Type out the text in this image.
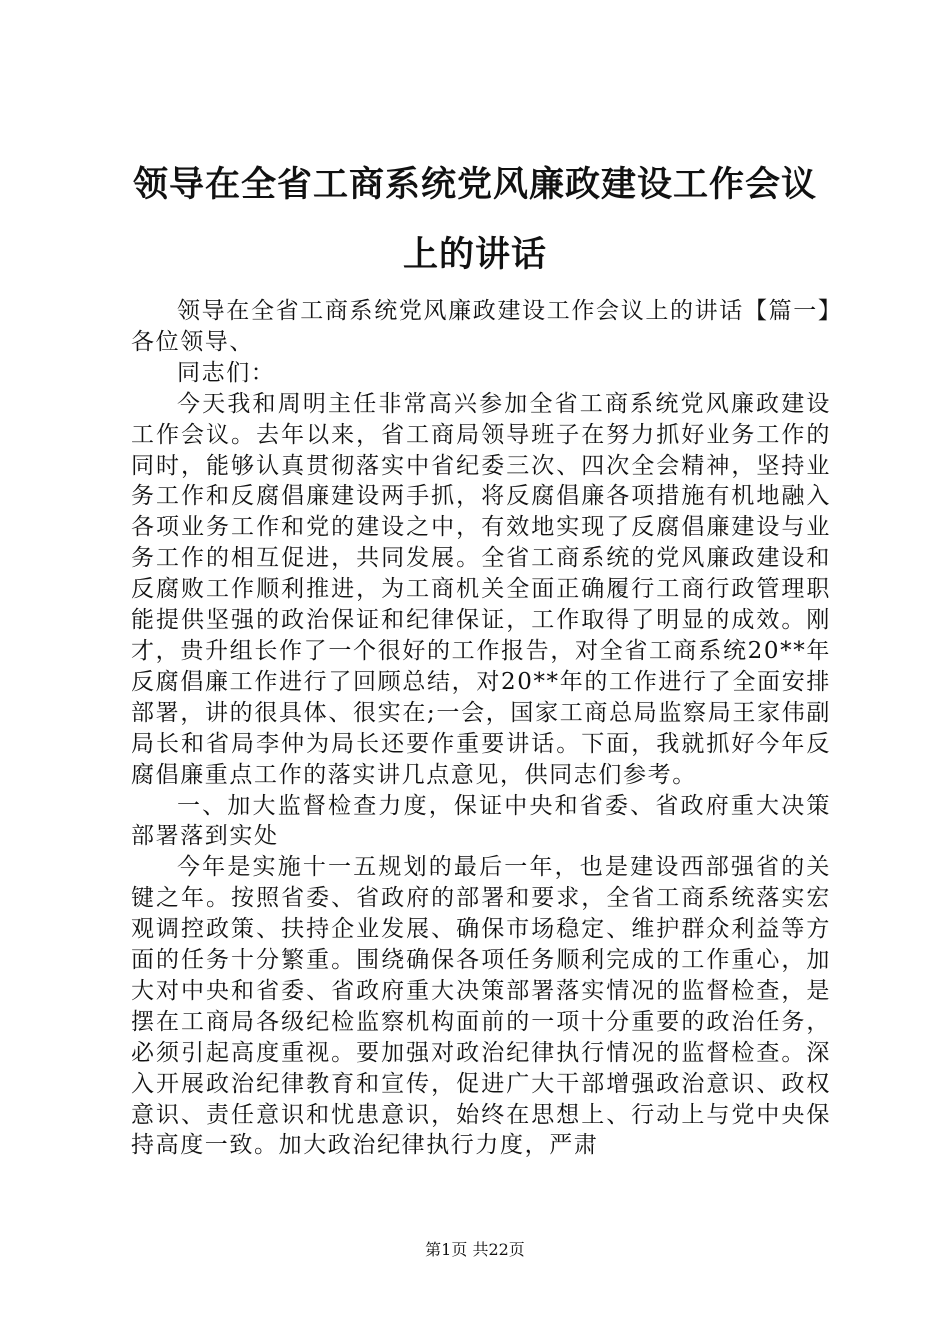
领导在全省工商系统党风廉政建设工作会议上的讲话

领导在全省工商系统党风廉政建设工作会议上的讲话【篇一】各位领导、

同志们：

今天我和周明主任非常高兴参加全省工商系统党风廉政建设工作会议。去年以来，省工商局领导班子在努力抓好业务工作的同时，能够认真贯彻落实中省纪委三次、四次全会精神，坚持业务工作和反腐倡廉建设两手抓，将反腐倡廉各项措施有机地融入各项业务工作和党的建设之中，有效地实现了反腐倡廉建设与业务工作的相互促进，共同发展。全省工商系统的党风廉政建设和反腐败工作顺利推进，为工商机关全面正确履行工商行政管理职能提供坚强的政治保证和纪律保证，工作取得了明显的成效。刚才，贵升组长作了一个很好的工作报告，对全省工商系统20**年反腐倡廉工作进行了回顾总结，对20**年的工作进行了全面安排部署，讲的很具体、很实在;一会，国家工商总局监察局王家伟副局长和省局李仲为局长还要作重要讲话。下面，我就抓好今年反腐倡廉重点工作的落实讲几点意见，供同志们参考。

一、加大监督检查力度，保证中央和省委、省政府重大决策部署落到实处

今年是实施十一五规划的最后一年，也是建设西部强省的关键之年。按照省委、省政府的部署和要求，全省工商系统落实宏观调控政策、扶持企业发展、确保市场稳定、维护群众利益等方面的任务十分繁重。围绕确保各项任务顺利完成的工作重心，加大对中央和省委、省政府重大决策部署落实情况的监督检查，是摆在工商局各级纪检监察机构面前的一项十分重要的政治任务，必须引起高度重视。要加强对政治纪律执行情况的监督检查。深入开展政治纪律教育和宣传，促进广大干部增强政治意识、政权意识、责任意识和忧患意识，始终在思想上、行动上与党中央保持高度一致。加大政治纪律执行力度，严肃

第1页 共22页
